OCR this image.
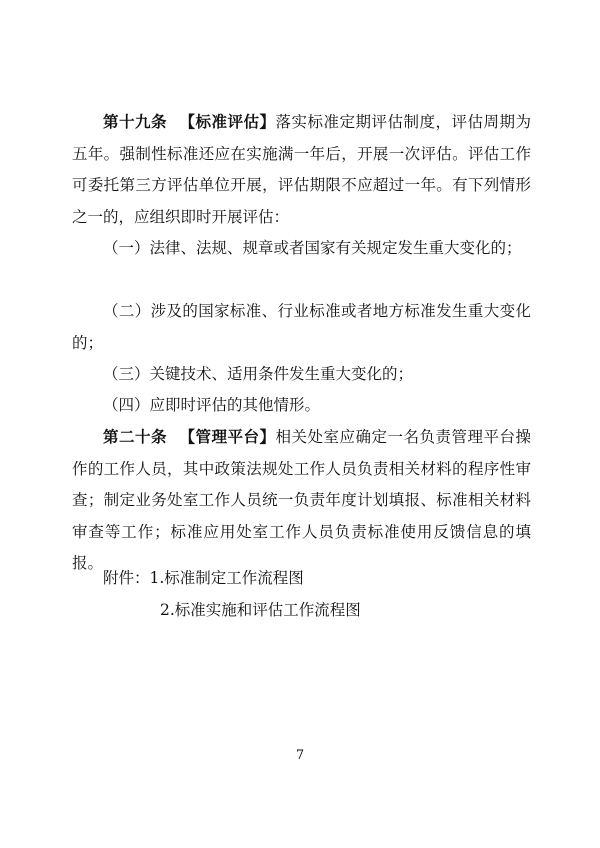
第十九条 【标准评估】落实标准定期评估制度，评估周期为五年。强制性标准还应在实施满一年后，开展一次评估。评估工作可委托第三方评估单位开展，评估期限不应超过一年。有下列情形之一的，应组织即时开展评估：

（一）法律、法规、规章或者国家有关规定发生重大变化的；

（二）涉及的国家标准、行业标准或者地方标准发生重大变化的；

（三）关键技术、适用条件发生重大变化的；

（四）应即时评估的其他情形。

第二十条 【管理平台】相关处室应确定一名负责管理平台操作的工作人员，其中政策法规处工作人员负责相关材料的程序性审查；制定业务处室工作人员统一负责年度计划填报、标准相关材料审查等工作；标准应用处室工作人员负责标准使用反馈信息的填报。

附件：1.标准制定工作流程图
2.标准实施和评估工作流程图
7
